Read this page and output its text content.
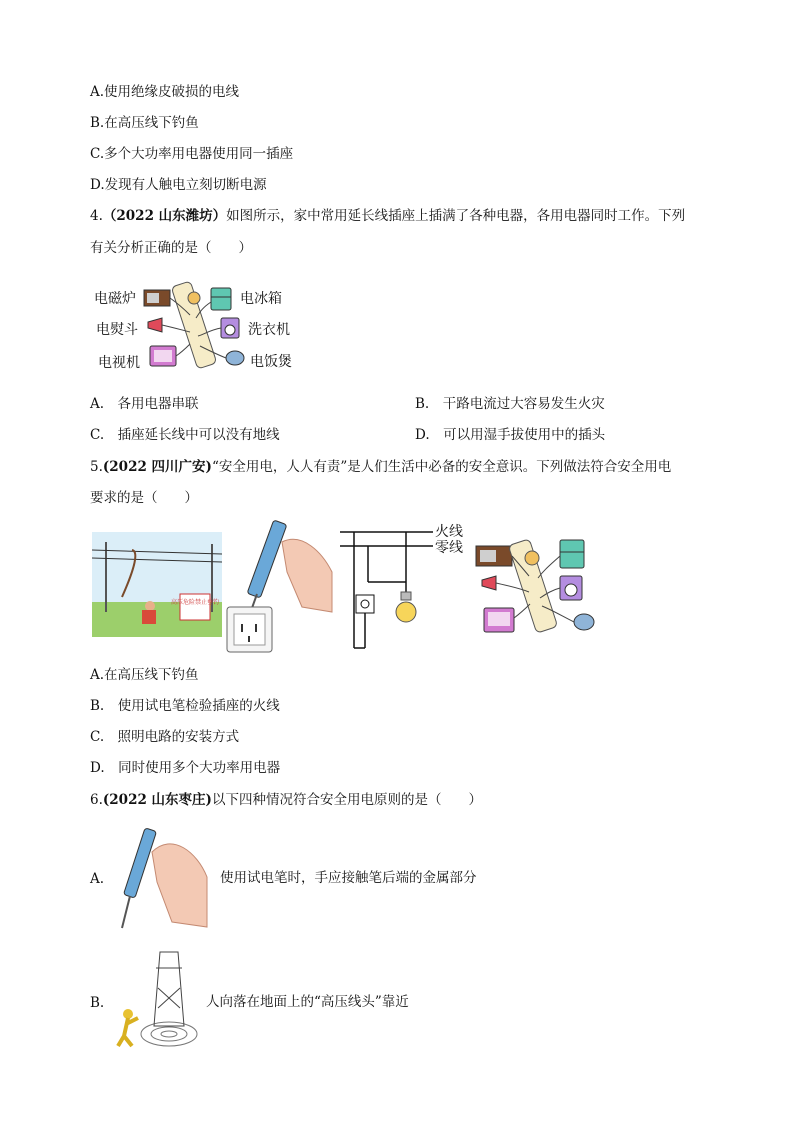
A.使用绝缘皮破损的电线
B.在高压线下钓鱼
C.多个大功率用电器使用同一插座
D.发现有人触电立刻切断电源
4.（2022 山东潍坊）如图所示，家中常用延长线插座上插满了各种电器，各用电器同时工作。下列
有关分析正确的是（　　）
电磁炉	电冰箱
电熨斗	洗衣机
电视机	电饭煲
A.　各用电器串联	B.　干路电流过大容易发生火灾
C.　插座延长线中可以没有地线	D.　可以用湿手拔使用中的插头
5.(2022 四川广安)“安全用电，人人有责”是人们生活中必备的安全意识。下列做法符合安全用电
要求的是（　　）
高压危险禁止垂钓
火线
零线
A.在高压线下钓鱼
B.　使用试电笔检验插座的火线
C.　照明电路的安装方式
D.　同时使用多个大功率用电器
6.(2022 山东枣庄)以下四种情况符合安全用电原则的是（　　）
A.	使用试电笔时，手应接触笔后端的金属部分
B.	人向落在地面上的“高压线头”靠近
